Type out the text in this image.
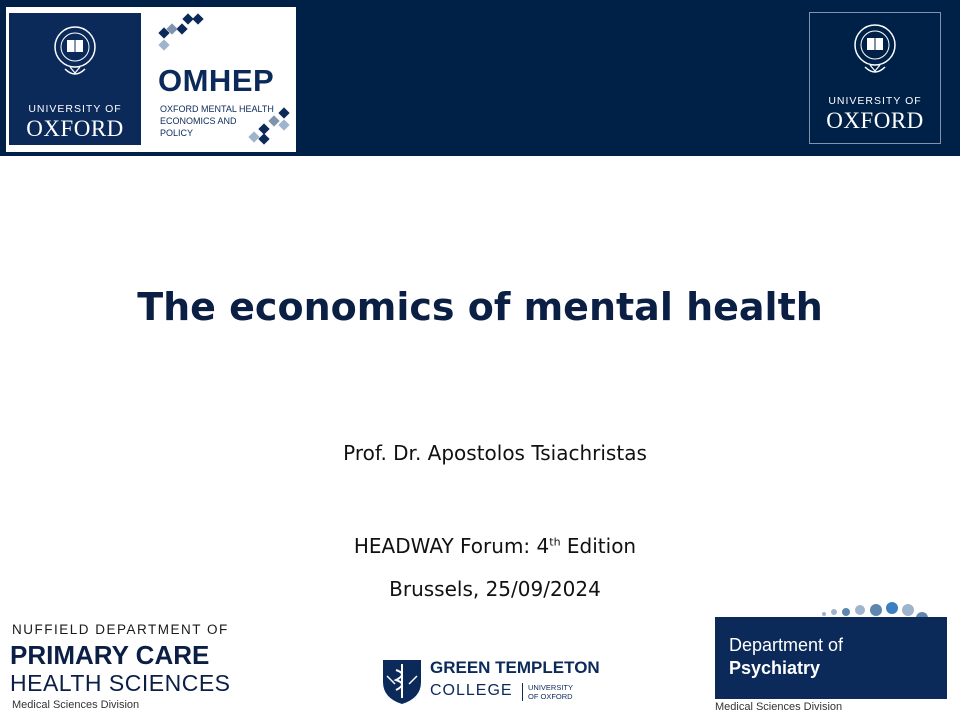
UNIVERSITY OF
OXFORD
OMHEP
OXFORD MENTAL HEALTH
ECONOMICS AND
POLICY
UNIVERSITY OF
OXFORD
The economics of mental health
Prof. Dr. Apostolos Tsiachristas
HEADWAY Forum: 4th Edition
Brussels, 25/09/2024
NUFFIELD DEPARTMENT OF
PRIMARY CARE
HEALTH SCIENCES
Medical Sciences Division
GREEN TEMPLETON
COLLEGE UNIVERSITY
OF OXFORD
Department of
Psychiatry
Medical Sciences Division
